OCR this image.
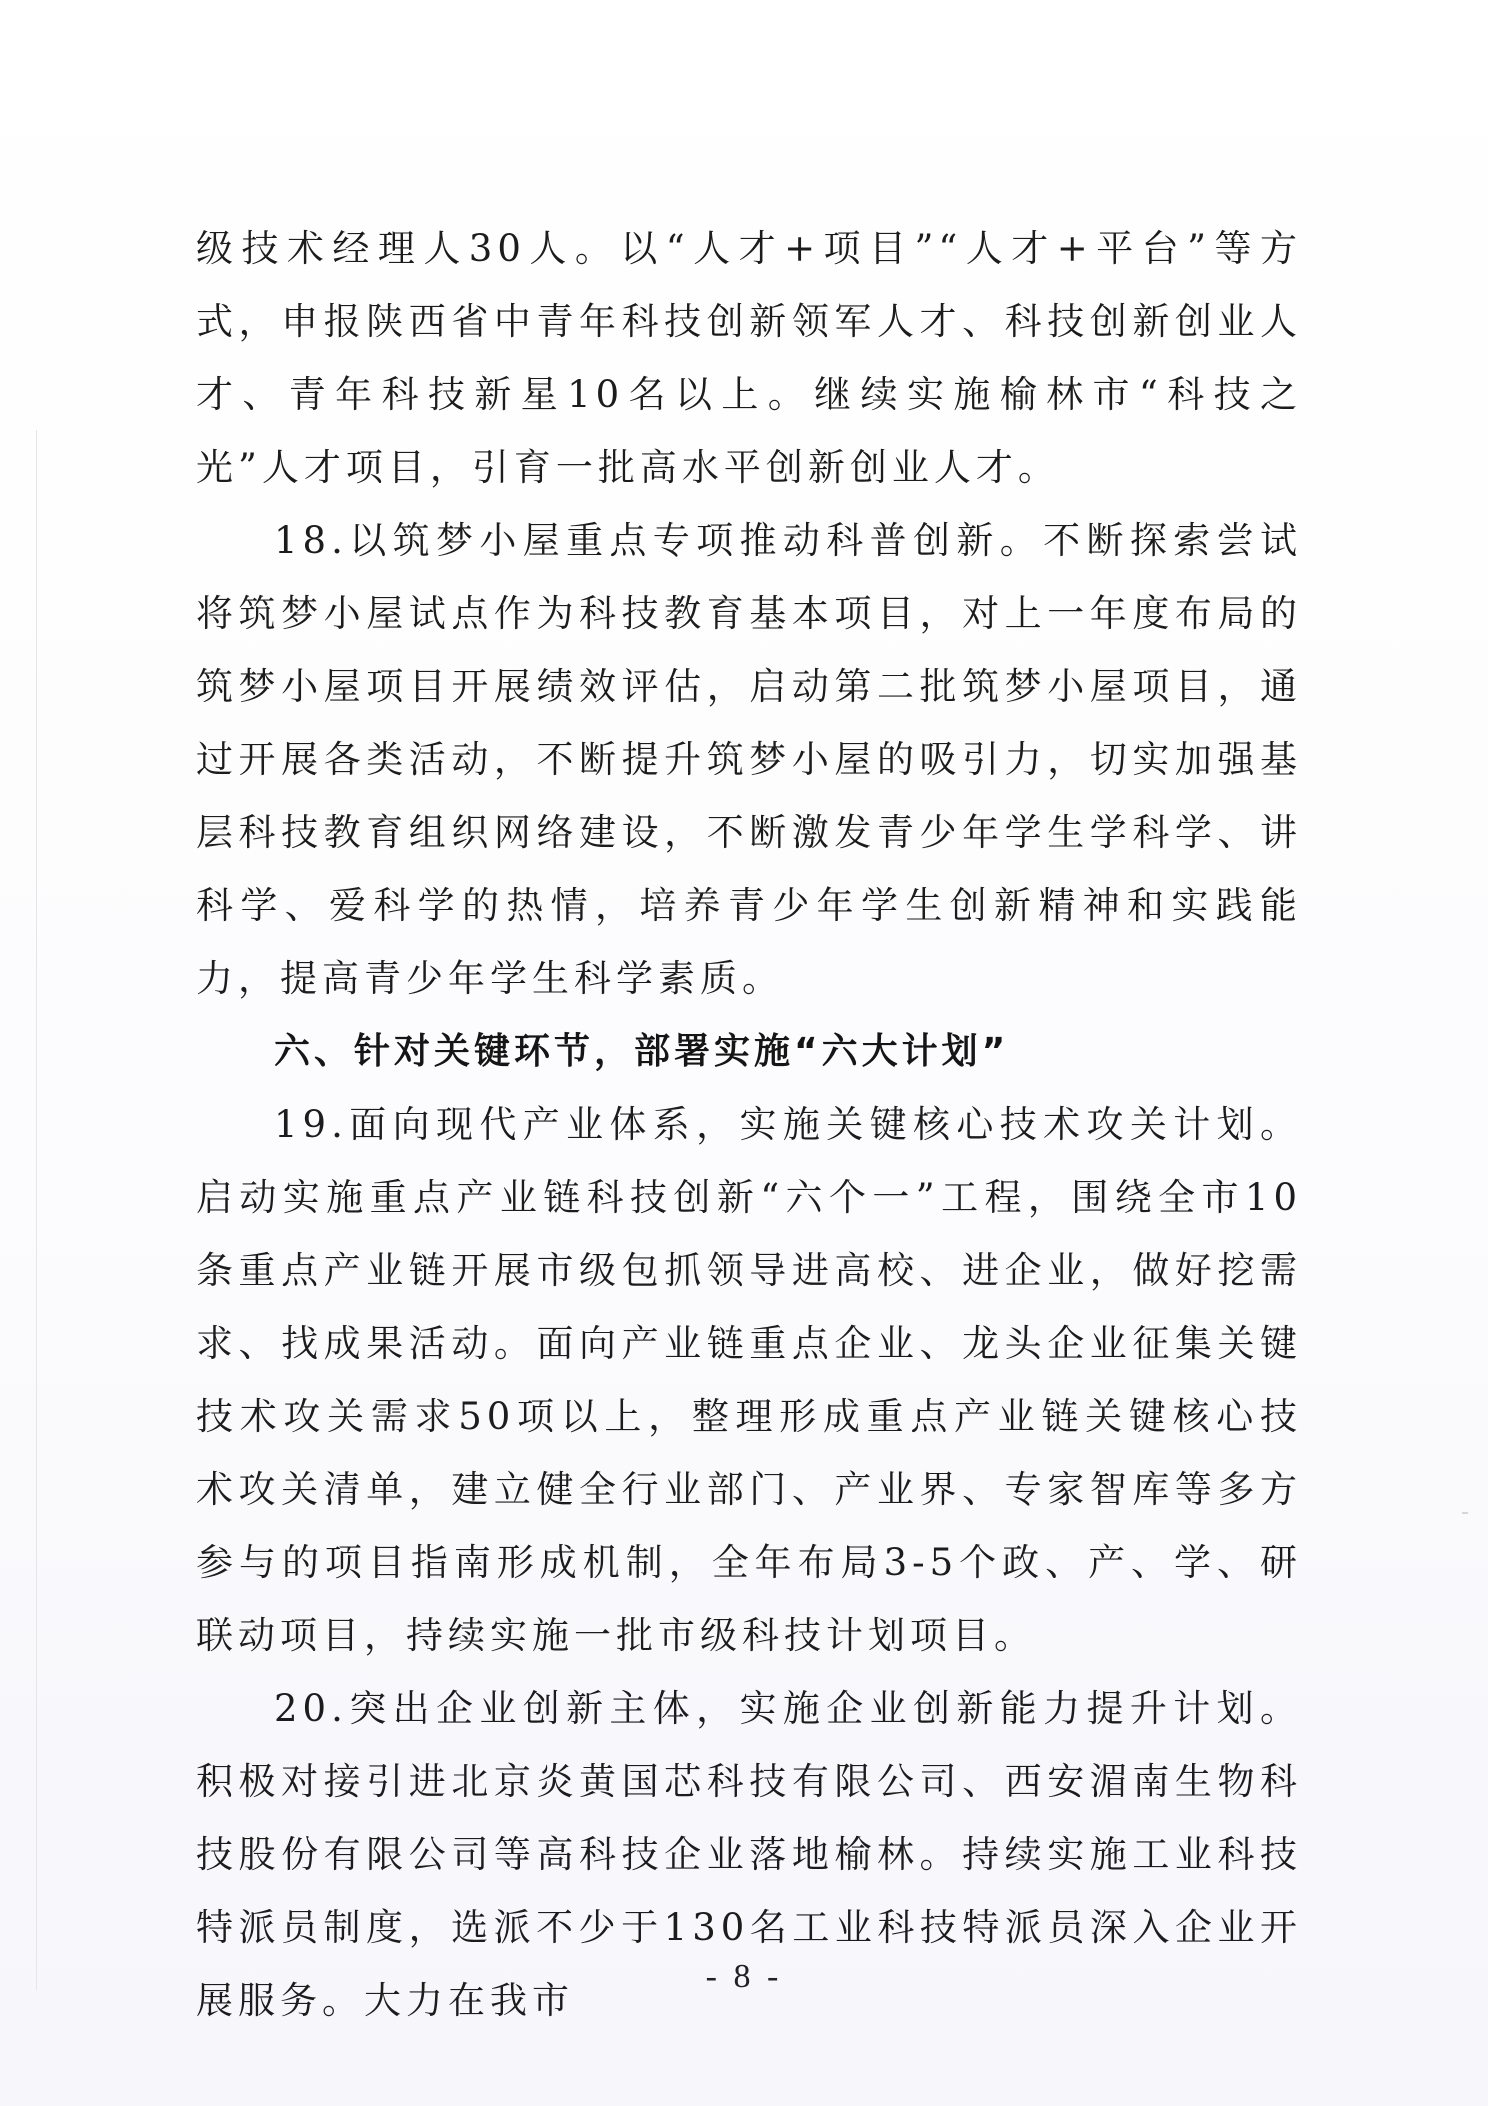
级技术经理人30人。以“人才+项目”“人才+平台”等方式，申报陕西省中青年科技创新领军人才、科技创新创业人才、青年科技新星10名以上。继续实施榆林市“科技之光”人才项目，引育一批高水平创新创业人才。

18.以筑梦小屋重点专项推动科普创新。不断探索尝试将筑梦小屋试点作为科技教育基本项目，对上一年度布局的筑梦小屋项目开展绩效评估，启动第二批筑梦小屋项目，通过开展各类活动，不断提升筑梦小屋的吸引力，切实加强基层科技教育组织网络建设，不断激发青少年学生学科学、讲科学、爱科学的热情，培养青少年学生创新精神和实践能力，提高青少年学生科学素质。

六、针对关键环节，部署实施“六大计划”

19.面向现代产业体系，实施关键核心技术攻关计划。启动实施重点产业链科技创新“六个一”工程，围绕全市10条重点产业链开展市级包抓领导进高校、进企业，做好挖需求、找成果活动。面向产业链重点企业、龙头企业征集关键技术攻关需求50项以上，整理形成重点产业链关键核心技术攻关清单，建立健全行业部门、产业界、专家智库等多方参与的项目指南形成机制，全年布局3-5个政、产、学、研联动项目，持续实施一批市级科技计划项目。

20.突出企业创新主体，实施企业创新能力提升计划。积极对接引进北京炎黄国芯科技有限公司、西安湄南生物科技股份有限公司等高科技企业落地榆林。持续实施工业科技特派员制度，选派不少于130名工业科技特派员深入企业开展服务。大力在我市

- 8 -
